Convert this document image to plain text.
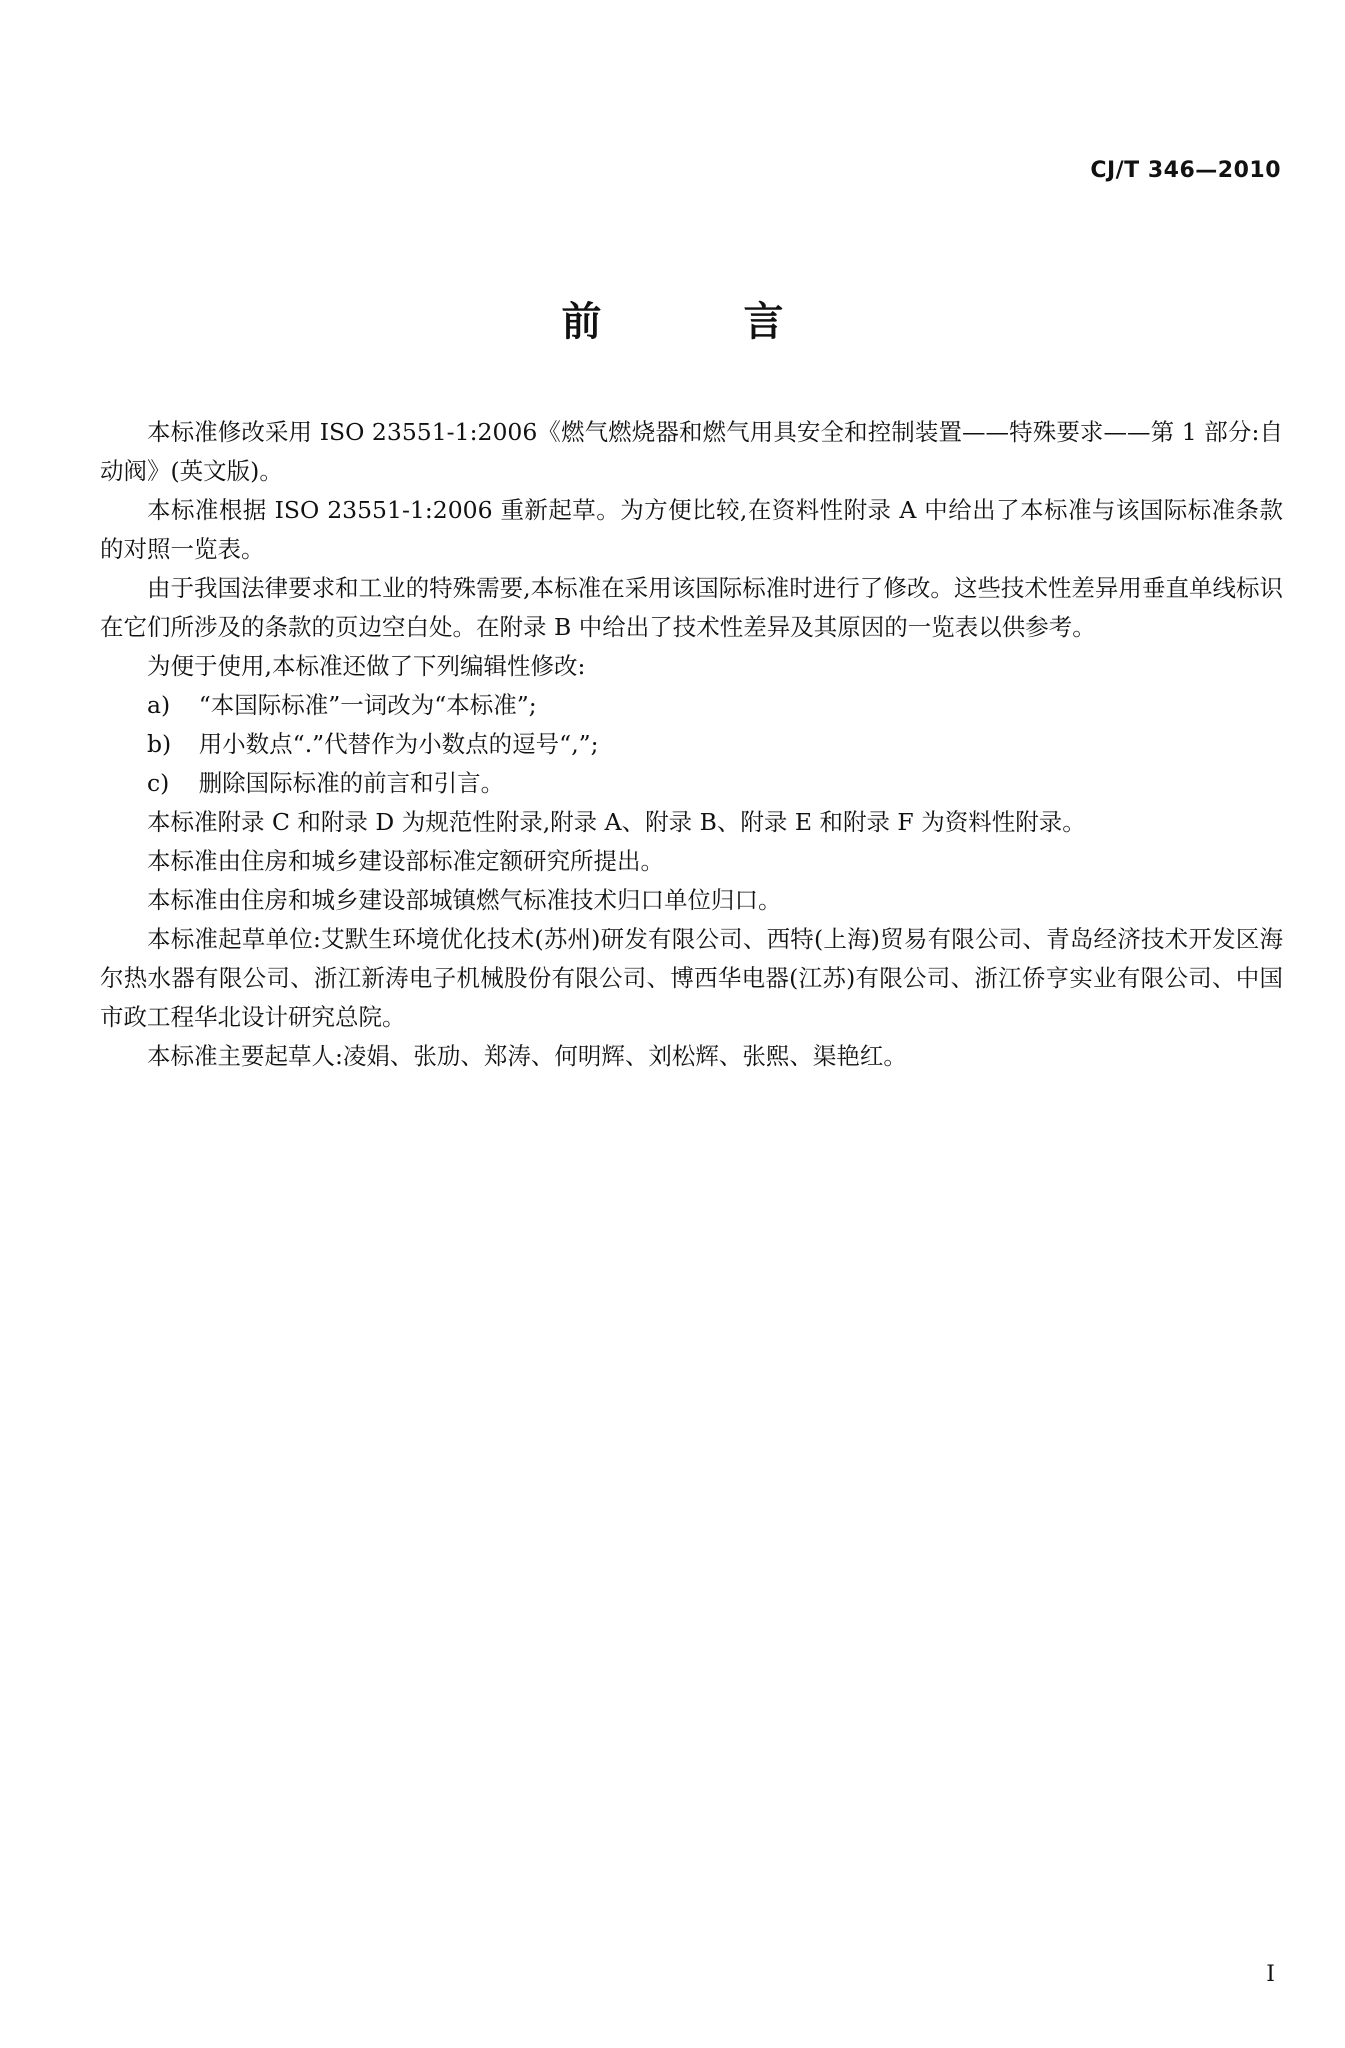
CJ/T 346—2010
前 言

本标准修改采用 ISO 23551-1:2006《燃气燃烧器和燃气用具安全和控制装置——特殊要求——第 1 部分:自动阀》(英文版)。

本标准根据 ISO 23551-1:2006 重新起草。为方便比较,在资料性附录 A 中给出了本标准与该国际标准条款的对照一览表。

由于我国法律要求和工业的特殊需要,本标准在采用该国际标准时进行了修改。这些技术性差异用垂直单线标识在它们所涉及的条款的页边空白处。在附录 B 中给出了技术性差异及其原因的一览表以供参考。

为便于使用,本标准还做了下列编辑性修改:

a) “本国际标准”一词改为“本标准”;

b) 用小数点“.”代替作为小数点的逗号“,”;

c) 删除国际标准的前言和引言。

本标准附录 C 和附录 D 为规范性附录,附录 A、附录 B、附录 E 和附录 F 为资料性附录。

本标准由住房和城乡建设部标准定额研究所提出。

本标准由住房和城乡建设部城镇燃气标准技术归口单位归口。

本标准起草单位:艾默生环境优化技术(苏州)研发有限公司、西特(上海)贸易有限公司、青岛经济技术开发区海尔热水器有限公司、浙江新涛电子机械股份有限公司、博西华电器(江苏)有限公司、浙江侨亨实业有限公司、中国市政工程华北设计研究总院。

本标准主要起草人:凌娟、张劢、郑涛、何明辉、刘松辉、张熙、渠艳红。

I
